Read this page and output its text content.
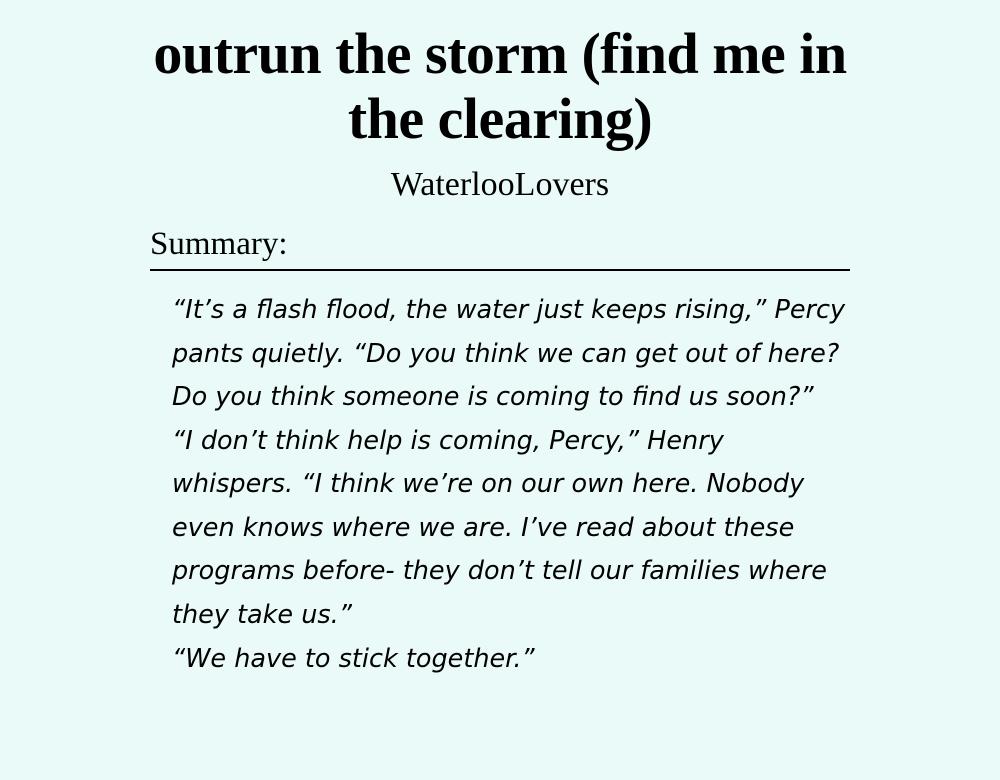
outrun the storm (find me in the clearing)
WaterlooLovers
Summary:

“It’s a flash flood, the water just keeps rising,” Percy pants quietly. “Do you think we can get out of here? Do you think someone is coming to find us soon?”

“I don’t think help is coming, Percy,” Henry whispers. “I think we’re on our own here. Nobody even knows where we are. I’ve read about these programs before- they don’t tell our families where they take us.”

“We have to stick together.”
